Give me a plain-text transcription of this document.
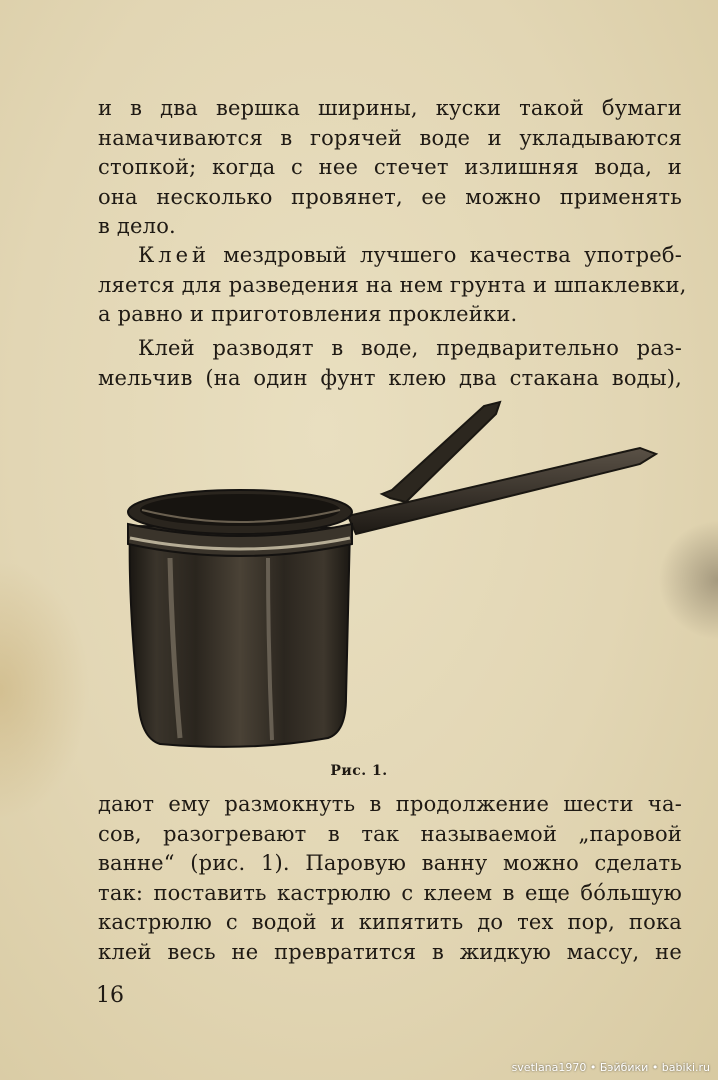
и в два вершка ширины, куски такой бумаги
намачиваются в горячей воде и укладываются
стопкой; когда с нее стечет излишняя вода, и
она несколько провянет, ее можно применять
в дело.
Клей мездровый лучшего качества употреб-
ляется для разведения на нем грунта и шпаклевки,
а равно и приготовления проклейки.
Клей разводят в воде, предварительно раз-
мельчив (на один фунт клею два стакана воды),
Рис. 1.
дают ему размокнуть в продолжение шести ча-
сов, разогревают в так называемой „паровой
ванне“ (рис. 1). Паровую ванну можно сделать
так: поставить кастрюлю с клеем в еще бóльшую
кастрюлю с водой и кипятить до тех пор, пока
клей весь не превратится в жидкую массу, не
16
svetlana1970 • Бэйбики • babiki.ru
